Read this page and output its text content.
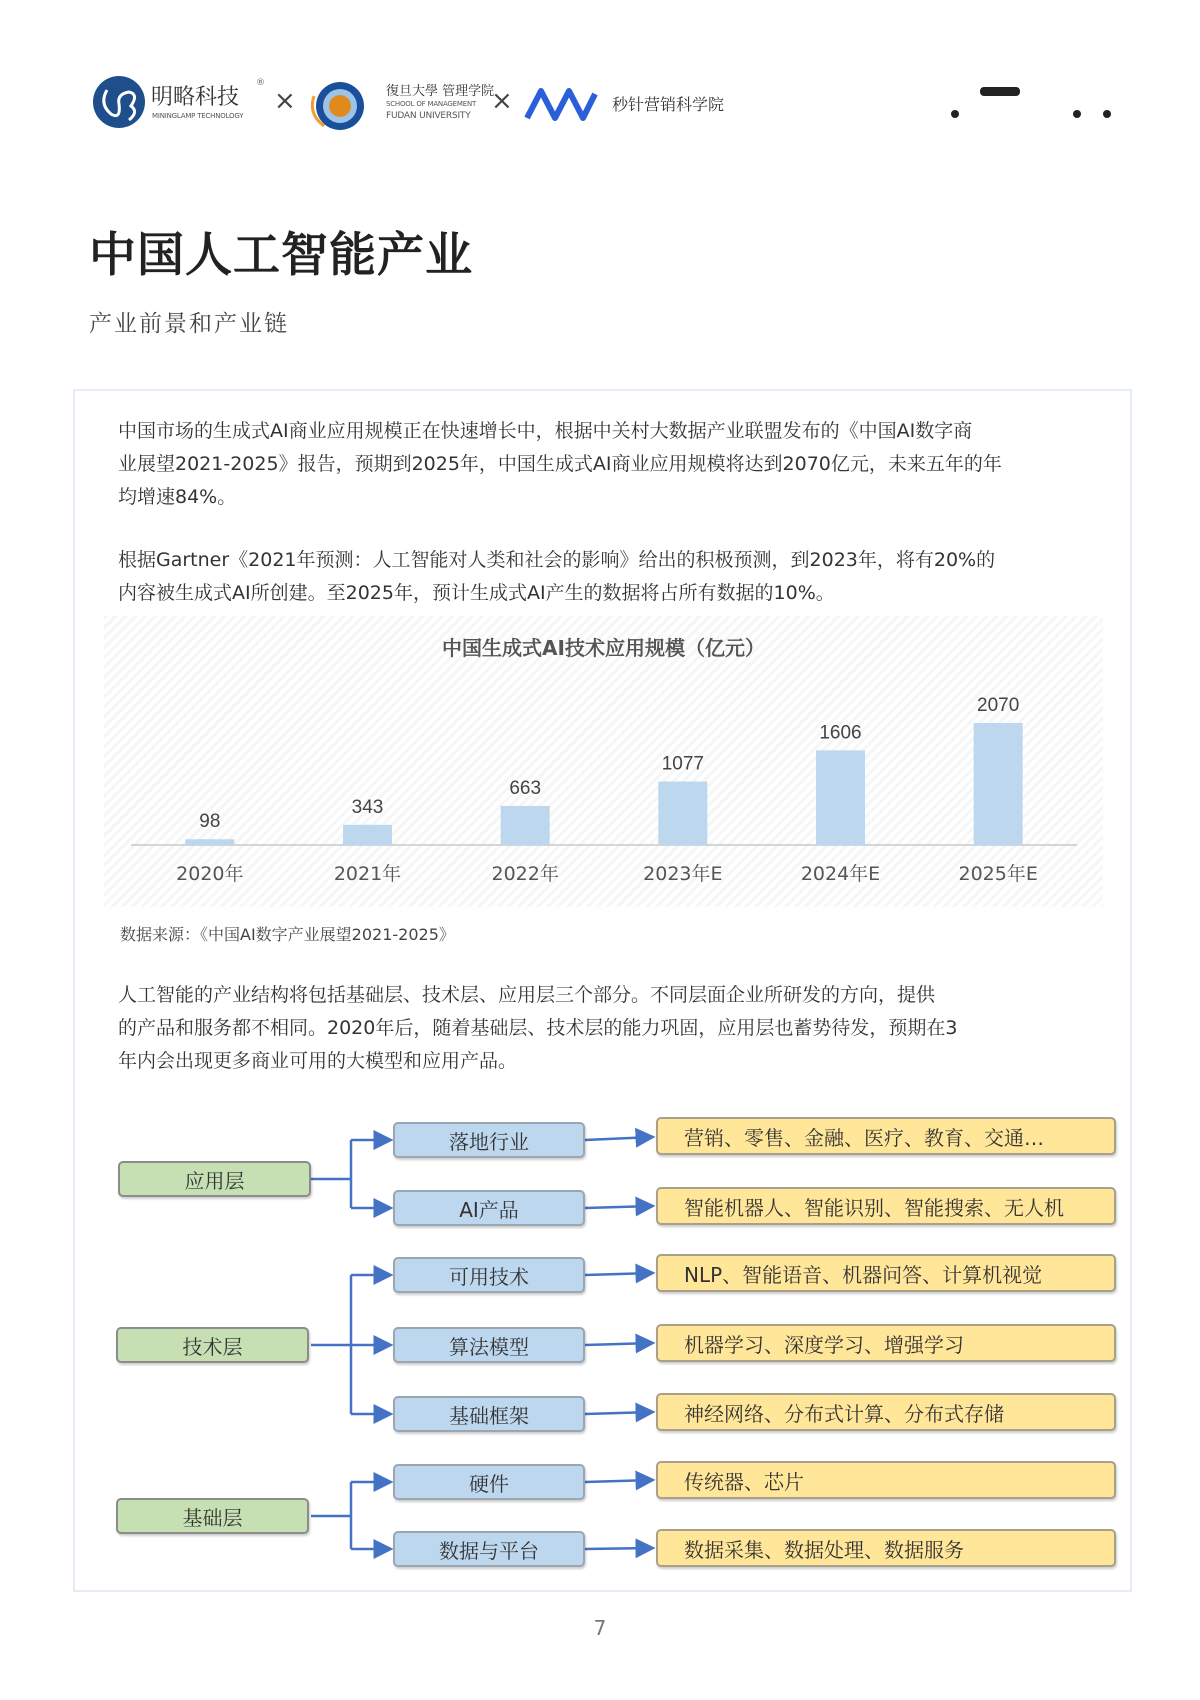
明略科技
®
MININGLAMP TECHNOLOGY ×	復旦大學 管理学院
SCHOOL OF MANAGEMENT
FUDAN UNIVERSITY ×	秒针营销科学院
中国人工智能产业
产业前景和产业链
中国市场的生成式AI商业应用规模正在快速增长中，根据中关村大数据产业联盟发布的《中国AI数字商
业展望2021-2025》报告，预期到2025年，中国生成式AI商业应用规模将达到2070亿元，未来五年的年
均增速84%。
根据Gartner《2021年预测：人工智能对人类和社会的影响》给出的积极预测，到2023年，将有20%的
内容被生成式AI所创建。至2025年，预计生成式AI产生的数据将占所有数据的10%。
中国生成式AI技术应用规模（亿元）
98
2020年
343
2021年
663
2022年
1077
2023年E
1606
2024年E
2070
2025年E
数据来源：《中国AI数字产业展望2021-2025》
人工智能的产业结构将包括基础层、技术层、应用层三个部分。不同层面企业所研发的方向，提供
的产品和服务都不相同。2020年后，随着基础层、技术层的能力巩固，应用层也蓄势待发，预期在3
年内会出现更多商业可用的大模型和应用产品。
应用层
技术层
基础层
落地行业
AI产品
可用技术
算法模型
基础框架
硬件
数据与平台
营销、零售、金融、医疗、教育、交通…
智能机器人、智能识别、智能搜索、无人机
NLP、智能语音、机器问答、计算机视觉
机器学习、深度学习、增强学习
神经网络、分布式计算、分布式存储
传统器、芯片
数据采集、数据处理、数据服务
7
